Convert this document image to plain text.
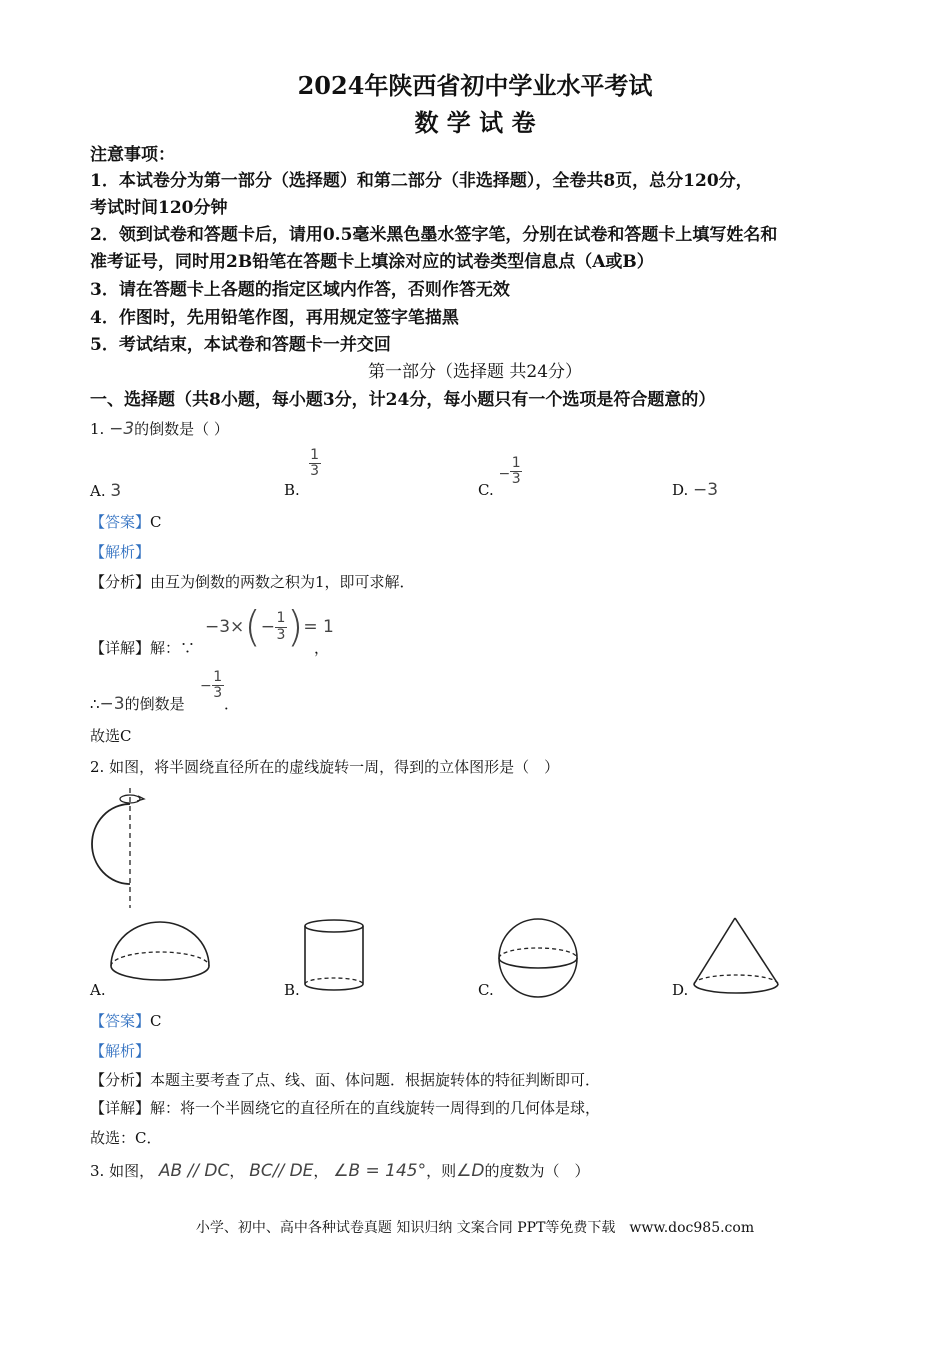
2024年陕西省初中学业水平考试
数 学 试 卷
注意事项：
1．本试卷分为第一部分（选择题）和第二部分（非选择题），全卷共8页，总分120分，
考试时间120分钟
2．领到试卷和答题卡后，请用0.5毫米黑色墨水签字笔，分别在试卷和答题卡上填写姓名和
准考证号，同时用2B铅笔在答题卡上填涂对应的试卷类型信息点（A或B）
3．请在答题卡上各题的指定区域内作答，否则作答无效
4．作图时，先用铅笔作图，再用规定签字笔描黑
5．考试结束，本试卷和答题卡一并交回
第一部分（选择题 共24分）
一、选择题（共8小题，每小题3分，计24分，每小题只有一个选项是符合题意的）
1. −3的倒数是（ ）
A. 3	B.
$\frac{1}{3}$
C. − $\frac{1}{3}$
D. −3
【答案】C
【解析】
【分析】由互为倒数的两数之积为1，即可求解．
【详解】解：∵
−3× ( − $\frac{1}{3}$ ) = 1
，
∴−3的倒数是
− $\frac{1}{3}$
．
故选C
2. 如图，将半圆绕直径所在的虚线旋转一周，得到的立体图形是（　）
A.	B.	C.	D.
【答案】C
【解析】
【分析】本题主要考查了点、线、面、体问题．根据旋转体的特征判断即可．
【详解】解：将一个半圆绕它的直径所在的直线旋转一周得到的几何体是球，
故选：C．
3. 如图， AB // DC， BC// DE， ∠B = 145°，则∠D的度数为（　）
小学、初中、高中各种试卷真题 知识归纳 文案合同 PPT等免费下载　www.doc985.com
